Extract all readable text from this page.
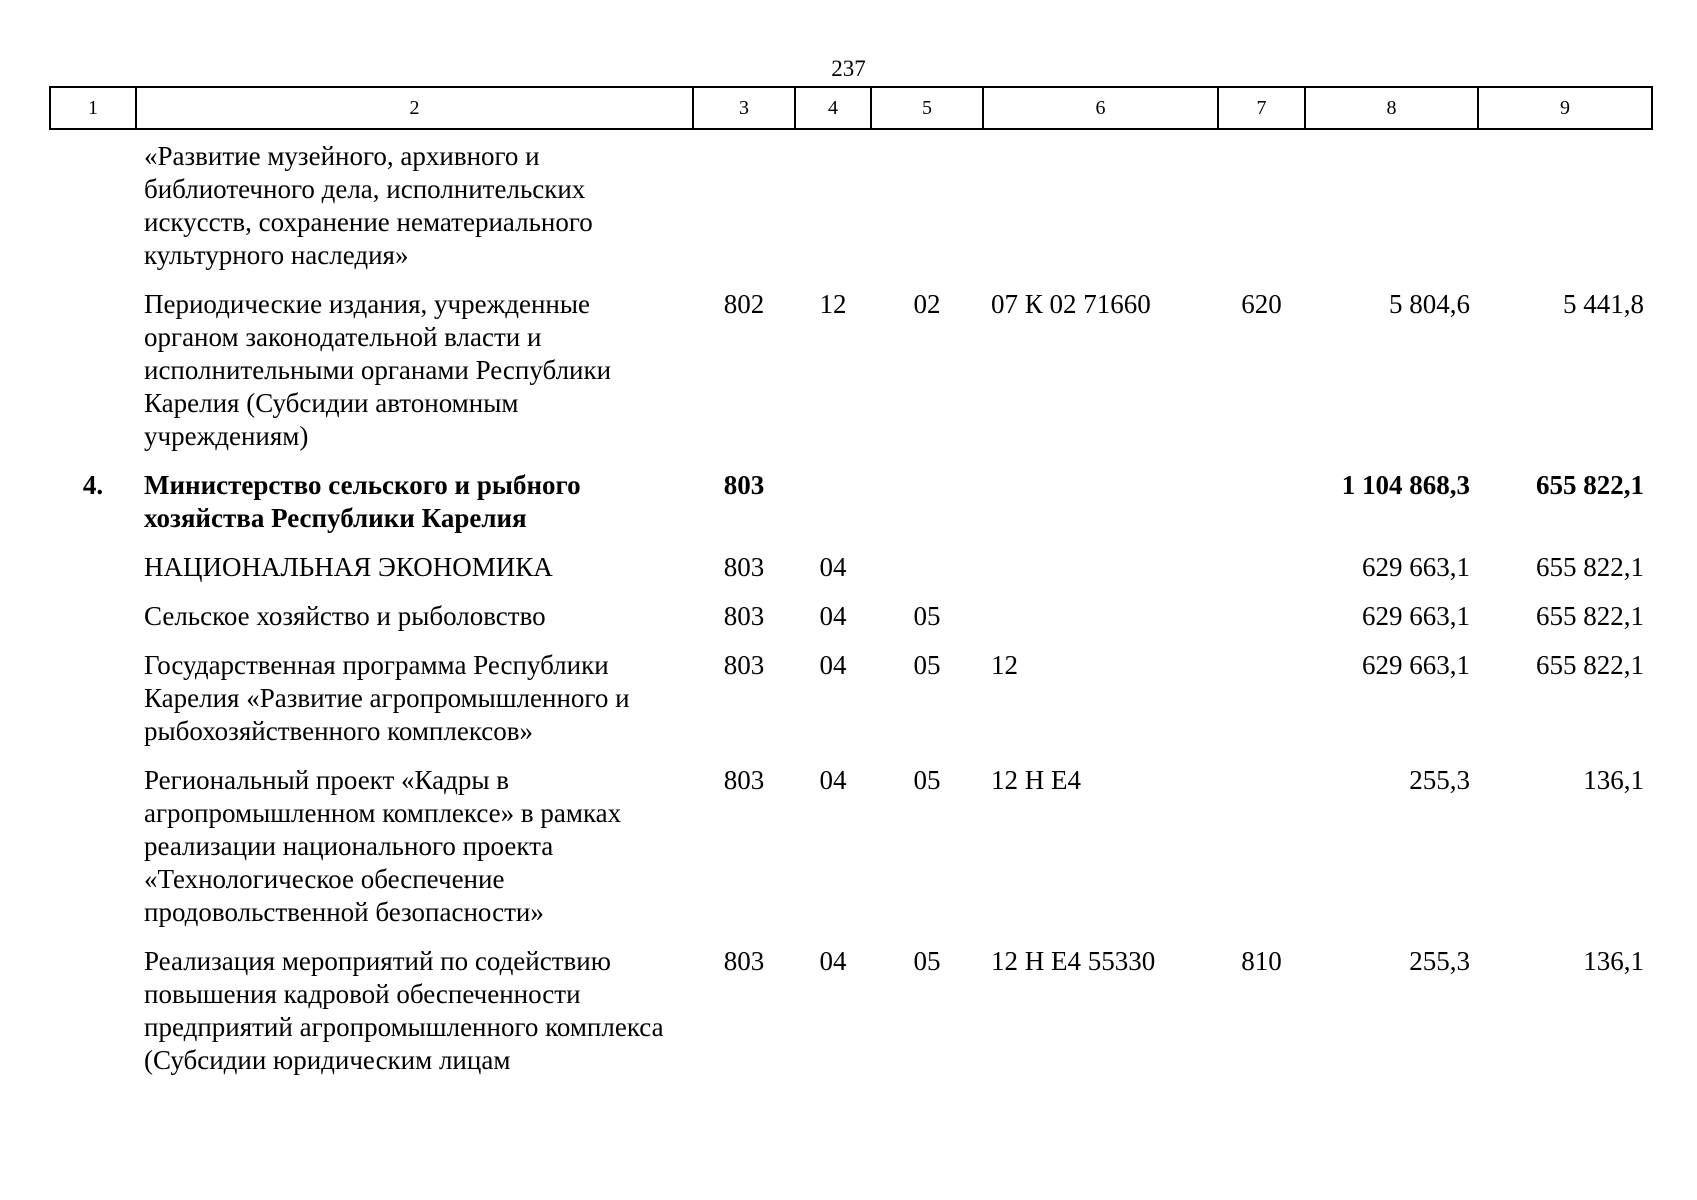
237
1	2	3	4	5	6	7	8	9
	«Развитие музейного, архивного и библиотечного дела, исполнительских искусств, сохранение нематериального культурного наследия»							
	Периодические издания, учрежденные органом законодательной власти и исполнительными органами Республики Карелия (Субсидии автономным учреждениям)	802	12	02	07 К 02 71660	620	5 804,6	5 441,8
4.	Министерство сельского и рыбного хозяйства Республики Карелия	803					1 104 868,3	655 822,1
	НАЦИОНАЛЬНАЯ ЭКОНОМИКА	803	04				629 663,1	655 822,1
	Сельское хозяйство и рыболовство	803	04	05			629 663,1	655 822,1
	Государственная программа Республики Карелия «Развитие агропромышленного и рыбохозяйственного комплексов»	803	04	05	12		629 663,1	655 822,1
	Региональный проект «Кадры в агропромышленном комплексе» в рамках реализации национального проекта «Технологическое обеспечение продовольственной безопасности»	803	04	05	12 Н Е4		255,3	136,1
	Реализация мероприятий по содействию повышения кадровой обеспеченности предприятий агропромышленного комплекса (Субсидии юридическим лицам	803	04	05	12 Н Е4 55330	810	255,3	136,1
